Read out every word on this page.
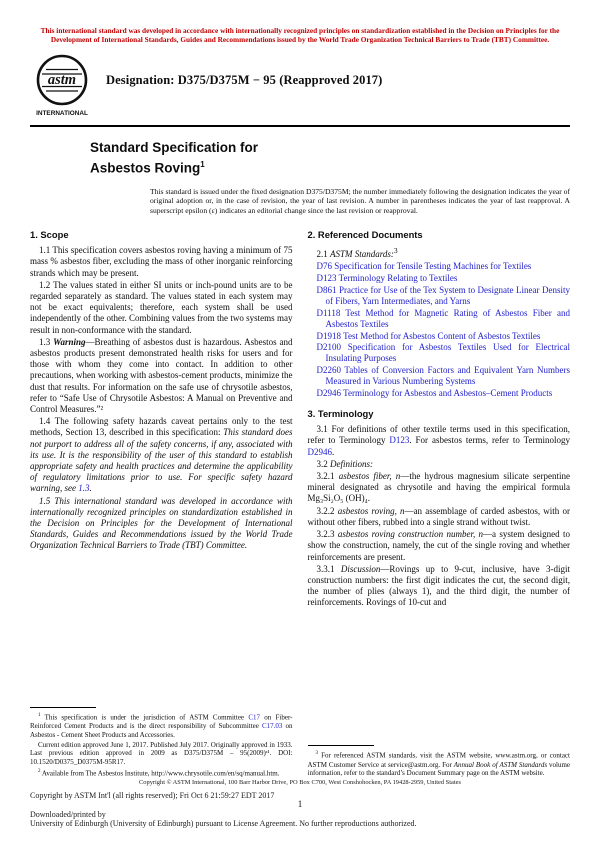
This international standard was developed in accordance with internationally recognized principles on standardization established in the Decision on Principles for the Development of International Standards, Guides and Recommendations issued by the World Trade Organization Technical Barriers to Trade (TBT) Committee.
astm
INTERNATIONAL
Designation: D375/D375M − 95 (Reapproved 2017)
Standard Specification for
Asbestos Roving$^1$

This standard is issued under the fixed designation D375/D375M; the number immediately following the designation indicates the year of original adoption or, in the case of revision, the year of last revision. A number in parentheses indicates the year of last reapproval. A superscript epsilon (ε) indicates an editorial change since the last revision or reapproval.

1. Scope

1.1 This specification covers asbestos roving having a minimum of 75 mass % asbestos fiber, excluding the mass of other inorganic reinforcing strands which may be present.

1.2 The values stated in either SI units or inch-pound units are to be regarded separately as standard. The values stated in each system may not be exact equivalents; therefore, each system shall be used independently of the other. Combining values from the two systems may result in non-conformance with the standard.

1.3 Warning—Breathing of asbestos dust is hazardous. Asbestos and asbestos products present demonstrated health risks for users and for those with whom they come into contact. In addition to other precautions, when working with asbestos-cement products, minimize the dust that results. For information on the safe use of chrysotile asbestos, refer to “Safe Use of Chrysotile Asbestos: A Manual on Preventive and Control Measures.”²

1.4 The following safety hazards caveat pertains only to the test methods, Section 13, described in this specification: This standard does not purport to address all of the safety concerns, if any, associated with its use. It is the responsibility of the user of this standard to establish appropriate safety and health practices and determine the applicability of regulatory limitations prior to use. For specific safety hazard warning, see 1.3.

1.5 This international standard was developed in accordance with internationally recognized principles on standardization established in the Decision on Principles for the Development of International Standards, Guides and Recommendations issued by the World Trade Organization Technical Barriers to Trade (TBT) Committee.

$^1$ This specification is under the jurisdiction of ASTM Committee C17 on Fiber-Reinforced Cement Products and is the direct responsibility of Subcommittee C17.03 on Asbestos - Cement Sheet Products and Accessories.

Current edition approved June 1, 2017. Published July 2017. Originally approved in 1933. Last previous edition approved in 2009 as D375/D375M – 95(2009)ᵋ¹. DOI: 10.1520/D0375_D0375M-95R17.

$^2$ Available from The Asbestos Institute, http://www.chrysotile.com/en/sq/manual.htm.

2. Referenced Documents

2.1 ASTM Standards:$^3$

D76 Specification for Tensile Testing Machines for Textiles
D123 Terminology Relating to Textiles
D861 Practice for Use of the Tex System to Designate Linear Density of Fibers, Yarn Intermediates, and Yarns
D1118 Test Method for Magnetic Rating of Asbestos Fiber and Asbestos Textiles
D1918 Test Method for Asbestos Content of Asbestos Textiles
D2100 Specification for Asbestos Textiles Used for Electrical Insulating Purposes
D2260 Tables of Conversion Factors and Equivalent Yarn Numbers Measured in Various Numbering Systems
D2946 Terminology for Asbestos and Asbestos–Cement Products
3. Terminology

3.1 For definitions of other textile terms used in this specification, refer to Terminology D123. For asbestos terms, refer to Terminology D2946.

3.2 Definitions:

3.2.1 asbestos fiber, n—the hydrous magnesium silicate serpentine mineral designated as chrysotile and having the empirical formula Mg₃Si₂O₅ (OH)₄.

3.2.2 asbestos roving, n—an assemblage of carded asbestos, with or without other fibers, rubbed into a single strand without twist.

3.2.3 asbestos roving construction number, n—a system designed to show the construction, namely, the cut of the single roving and whether reinforcements are present.

3.3.1 Discussion—Rovings up to 9-cut, inclusive, have 3-digit construction numbers: the first digit indicates the cut, the second digit, the number of plies (always 1), and the third digit, the number of reinforcements. Rovings of 10-cut and

$^3$ For referenced ASTM standards, visit the ASTM website, www.astm.org, or contact ASTM Customer Service at service@astm.org. For Annual Book of ASTM Standards volume information, refer to the standard’s Document Summary page on the ASTM website.

Copyright © ASTM International, 100 Barr Harbor Drive, PO Box C700, West Conshohocken, PA 19428-2959, United States
1
Copyright by ASTM Int'l (all rights reserved); Fri Oct 6 21:59:27 EDT 2017
Downloaded/printed by
University of Edinburgh (University of Edinburgh) pursuant to License Agreement. No further reproductions authorized.
